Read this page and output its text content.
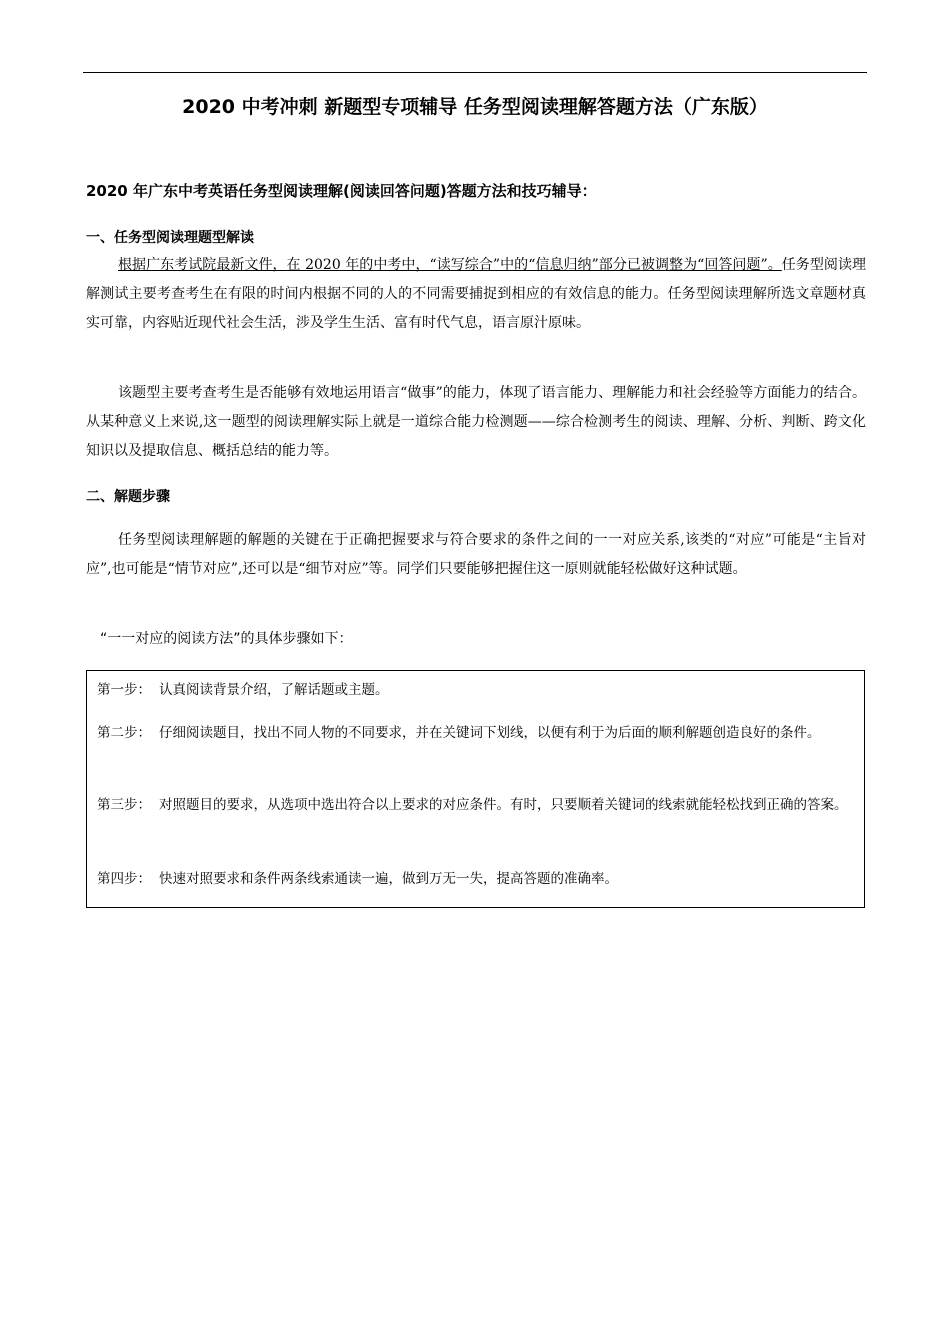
2020 中考冲刺 新题型专项辅导 任务型阅读理解答题方法（广东版）
2020 年广东中考英语任务型阅读理解(阅读回答问题)答题方法和技巧辅导：
一、任务型阅读理题型解读

根据广东考试院最新文件，在 2020 年的中考中，“读写综合”中的“信息归纳”部分已被调整为“回答问题”。任务型阅读理解测试主要考查考生在有限的时间内根据不同的人的不同需要捕捉到相应的有效信息的能力。任务型阅读理解所选文章题材真实可靠，内容贴近现代社会生活，涉及学生生活、富有时代气息，语言原汁原味。

该题型主要考查考生是否能够有效地运用语言“做事”的能力，体现了语言能力、理解能力和社会经验等方面能力的结合。从某种意义上来说,这一题型的阅读理解实际上就是一道综合能力检测题——综合检测考生的阅读、理解、分析、判断、跨文化知识以及提取信息、概括总结的能力等。

二、解题步骤

任务型阅读理解题的解题的关键在于正确把握要求与符合要求的条件之间的一一对应关系,该类的“对应”可能是“主旨对应”,也可能是“情节对应”,还可以是“细节对应”等。同学们只要能够把握住这一原则就能轻松做好这种试题。

“一一对应的阅读方法”的具体步骤如下：
第一步： 认真阅读背景介绍，了解话题或主题。
第二步： 仔细阅读题目，找出不同人物的不同要求，并在关键词下划线，以便有利于为后面的顺利解题创造良好的条件。
第三步： 对照题目的要求，从选项中选出符合以上要求的对应条件。有时，只要顺着关键词的线索就能轻松找到正确的答案。
第四步： 快速对照要求和条件两条线索通读一遍，做到万无一失，提高答题的准确率。
